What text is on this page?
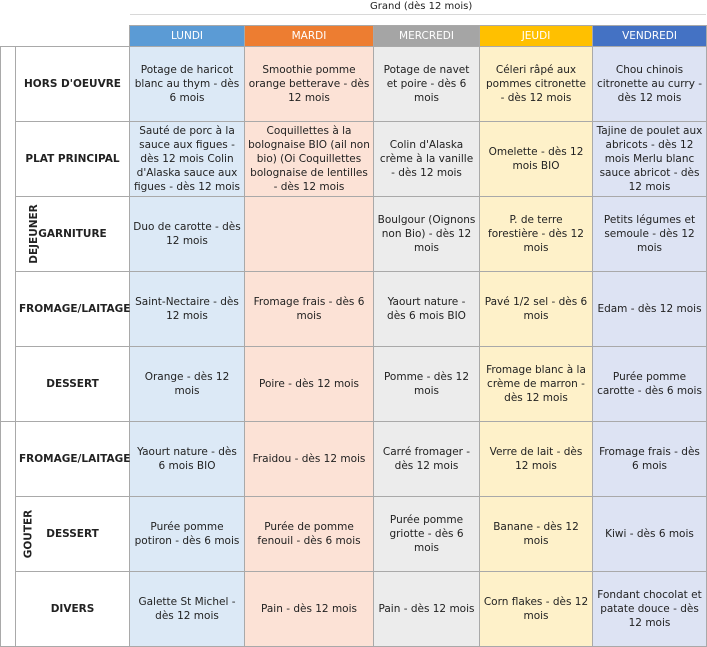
Grand (dès 12 mois)
		LUNDI	MARDI	MERCREDI	JEUDI	VENDREDI
DEJEUNER	HORS D'OEUVRE	Potage de haricot blanc au thym - dès 6 mois	Smoothie pomme orange betterave - dès 12 mois	Potage de navet et poire - dès 6 mois	Céleri râpé aux pommes citronette - dès 12 mois	Chou chinois citronette au curry - dès 12 mois

	PLAT PRINCIPAL	Sauté de porc à la sauce aux figues - dès 12 mois Colin d'Alaska sauce aux figues - dès 12 mois	Coquillettes à la bolognaise BIO (ail non bio) (Oi Coquillettes bolognaise de lentilles - dès 12 mois	Colin d'Alaska crème à la vanille - dès 12 mois	Omelette - dès 12 mois BIO	Tajine de poulet aux abricots - dès 12 mois Merlu blanc sauce abricot - dès 12 mois

	GARNITURE	Duo de carotte - dès 12 mois		Boulgour (Oignons non Bio) - dès 12 mois	P. de terre forestière - dès 12 mois	Petits légumes et semoule - dès 12 mois

	FROMAGE/LAITAGE	Saint-Nectaire - dès 12 mois	Fromage frais - dès 6 mois	Yaourt nature - dès 6 mois BIO	Pavé 1/2 sel - dès 6 mois	Edam - dès 12 mois

	DESSERT	Orange - dès 12 mois	Poire - dès 12 mois	Pomme - dès 12 mois	Fromage blanc à la crème de marron - dès 12 mois	Purée pomme carotte - dès 6 mois

GOUTER	FROMAGE/LAITAGE	Yaourt nature - dès 6 mois BIO	Fraidou - dès 12 mois	Carré fromager - dès 12 mois	Verre de lait - dès 12 mois	Fromage frais - dès 6 mois

	DESSERT	Purée pomme potiron - dès 6 mois	Purée de pomme fenouil - dès 6 mois	Purée pomme griotte - dès 6 mois	Banane - dès 12 mois	Kiwi - dès 6 mois

	DIVERS	Galette St Michel - dès 12 mois	Pain - dès 12 mois	Pain - dès 12 mois	Corn flakes - dès 12 mois	Fondant chocolat et patate douce - dès 12 mois
